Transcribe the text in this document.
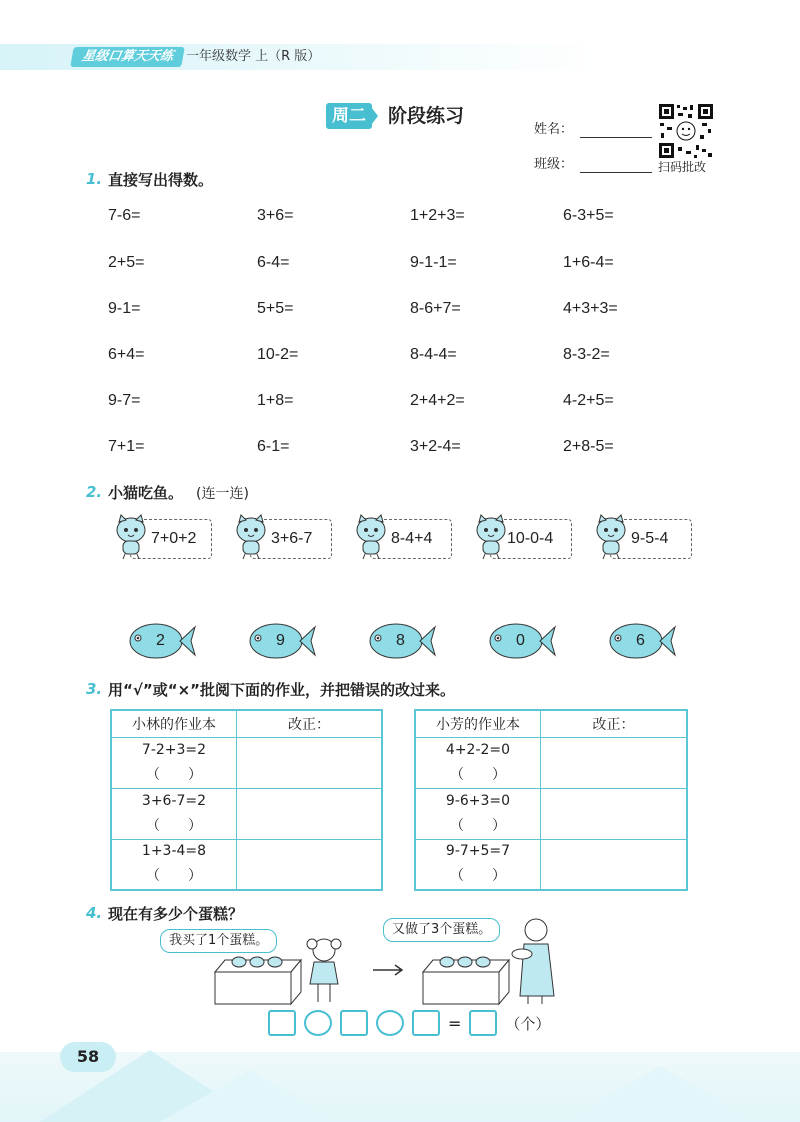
星级口算天天练 一年级数学 上（R 版）
周二	阶段练习
姓名：
班级：	扫码批改
1. 直接写出得数。
7-6=	3+6=	1+2+3=	6-3+5=
2+5=	6-4=	9-1-1=	1+6-4=
9-1=	5+5=	8-6+7=	4+3+3=
6+4=	10-2=	8-4-4=	8-3-2=
9-7=	1+8=	2+4+2=	4-2+5=
7+1=	6-1=	3+2-4=	2+8-5=
2. 小猫吃鱼。 (连一连)
7+0+2	3+6-7	8-4+4	10-0-4	9-5-4
2	9	8	0	6
3. 用“√”或“×”批阅下面的作业，并把错误的改过来。
小林的作业本	改正：

7-2+3=2
（　　）	

3+6-7=2
（　　）	

1+3-4=8
（　　）	

小芳的作业本	改正：

4+2-2=0
（　　）	

9-6+3=0
（　　）	

9-7+5=7
（　　）	

4. 现在有多少个蛋糕？
我买了1个蛋糕。
又做了3个蛋糕。
=	（个）
58
